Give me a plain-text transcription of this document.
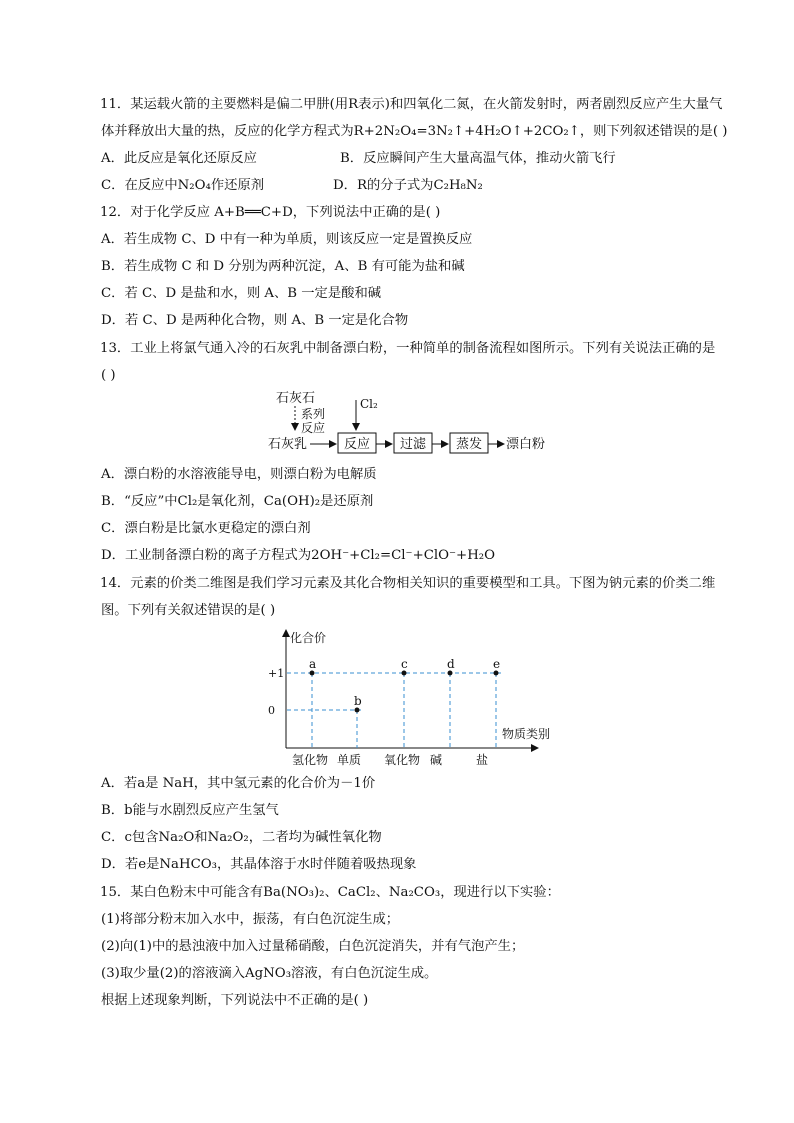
11．某运载火箭的主要燃料是偏二甲肼(用R表示)和四氧化二氮，在火箭发射时，两者剧烈反应产生大量气
体并释放出大量的热，反应的化学方程式为R+2N₂O₄=3N₂↑+4H₂O↑+2CO₂↑，则下列叙述错误的是( )
A．此反应是氧化还原反应	B．反应瞬间产生大量高温气体，推动火箭飞行
C．在反应中N₂O₄作还原剂	D．R的分子式为C₂H₈N₂
12．对于化学反应 A+B══C+D，下列说法中正确的是( )
A．若生成物 C、D 中有一种为单质，则该反应一定是置换反应
B．若生成物 C 和 D 分别为两种沉淀，A、B 有可能为盐和碱
C．若 C、D 是盐和水，则 A、B 一定是酸和碱
D．若 C、D 是两种化合物，则 A、B 一定是化合物
13．工业上将氯气通入冷的石灰乳中制备漂白粉，一种简单的制备流程如图所示。下列有关说法正确的是
( )
石灰石
系列
反应
Cl₂
石灰乳	反应 过滤 蒸发 漂白粉
A．漂白粉的水溶液能导电，则漂白粉为电解质
B．“反应”中Cl₂是氧化剂，Ca(OH)₂是还原剂
C．漂白粉是比氯水更稳定的漂白剂
D．工业制备漂白粉的离子方程式为2OH⁻+Cl₂=Cl⁻+ClO⁻+H₂O
14．元素的价类二维图是我们学习元素及其化合物相关知识的重要模型和工具。下图为钠元素的价类二维
图。下列有关叙述错误的是( )
化合价
物质类别
+1
0
氢化物 单质 氧化物 碱	盐
a
b
c	d	e
A．若a是 NaH，其中氢元素的化合价为－1价
B．b能与水剧烈反应产生氢气
C．c包含Na₂O和Na₂O₂，二者均为碱性氧化物
D．若e是NaHCO₃，其晶体溶于水时伴随着吸热现象
15．某白色粉末中可能含有Ba(NO₃)₂、CaCl₂、Na₂CO₃，现进行以下实验：
(1)将部分粉末加入水中，振荡，有白色沉淀生成；
(2)向(1)中的悬浊液中加入过量稀硝酸，白色沉淀消失，并有气泡产生；
(3)取少量(2)的溶液滴入AgNO₃溶液，有白色沉淀生成。
根据上述现象判断，下列说法中不正确的是( )
